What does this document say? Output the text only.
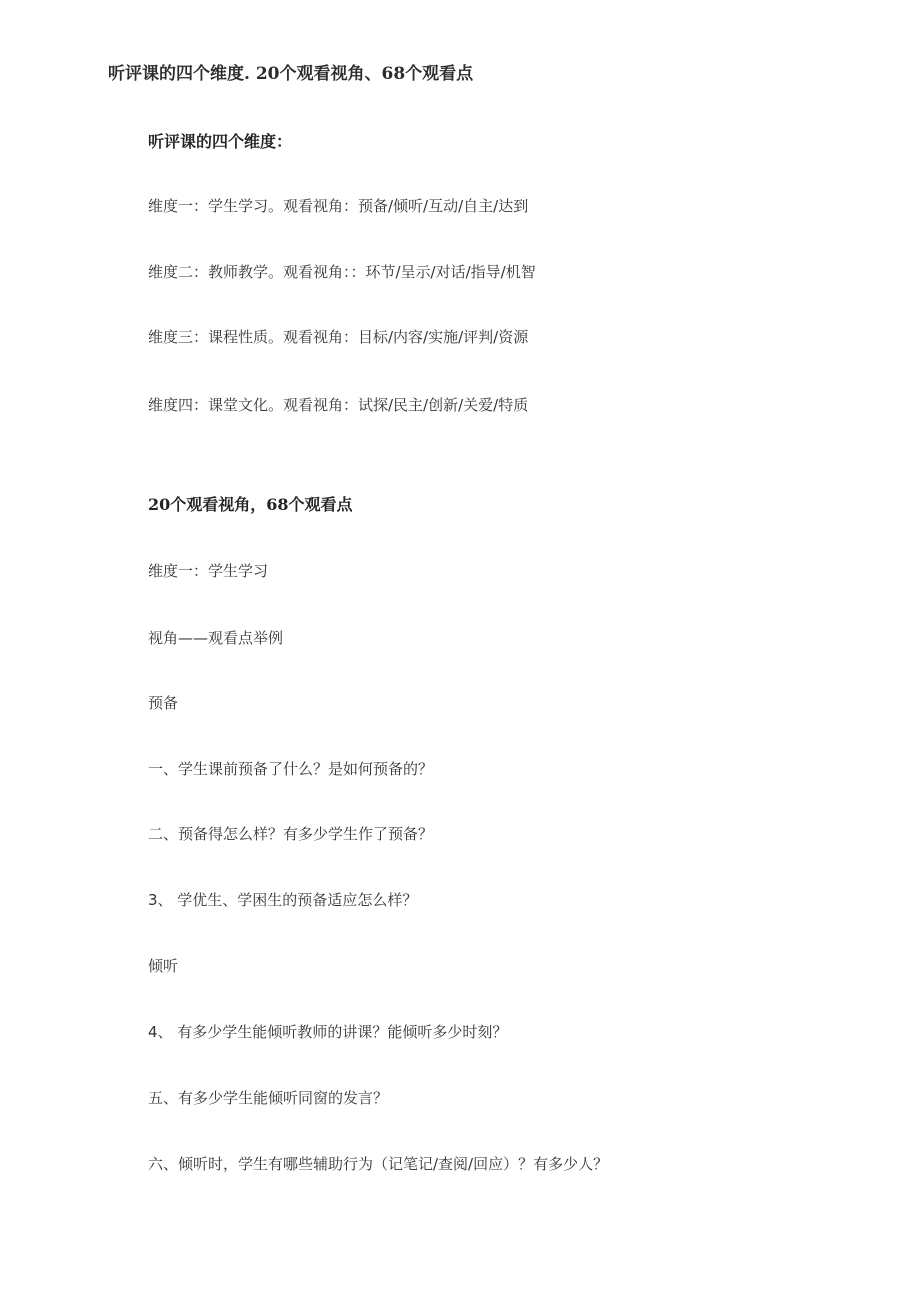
听评课的四个维度. 20个观看视角、68个观看点
听评课的四个维度：
维度一：学生学习。观看视角：预备/倾听/互动/自主/达到
维度二：教师教学。观看视角：：环节/呈示/对话/指导/机智
维度三：课程性质。观看视角：目标/内容/实施/评判/资源
维度四：课堂文化。观看视角：试探/民主/创新/关爱/特质
20个观看视角，68个观看点
维度一：学生学习
视角——观看点举例
预备
一、学生课前预备了什么？是如何预备的？
二、预备得怎么样？有多少学生作了预备？
3、 学优生、学困生的预备适应怎么样？
倾听
4、 有多少学生能倾听教师的讲课？能倾听多少时刻？
五、有多少学生能倾听同窗的发言？
六、倾听时，学生有哪些辅助行为（记笔记/查阅/回应）？有多少人？
